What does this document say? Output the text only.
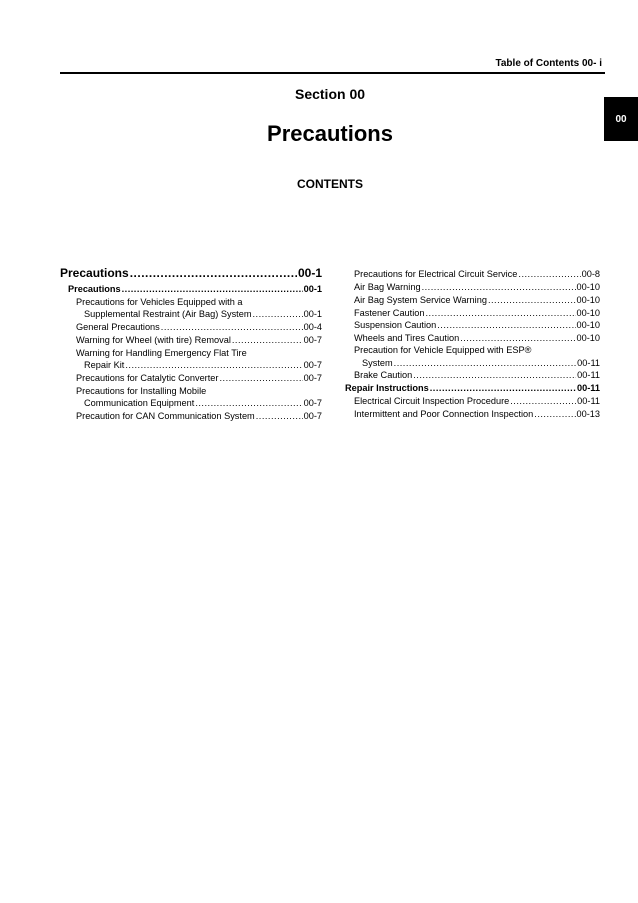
Table of Contents 00- i
00
Section 00
Precautions
CONTENTS
Precautions .....	00-1
Precautions .....	00-1
Precautions for Vehicles Equipped with a
Supplemental Restraint (Air Bag) System .....	00-1
General Precautions .....	00-4
Warning for Wheel (with tire) Removal .....	00-7
Warning for Handling Emergency Flat Tire
Repair Kit .....	00-7
Precautions for Catalytic Converter .....	00-7
Precautions for Installing Mobile
Communication Equipment .....	00-7
Precaution for CAN Communication System .....	00-7
Precautions for Electrical Circuit Service .....	00-8
Air Bag Warning .....	00-10
Air Bag System Service Warning .....	00-10
Fastener Caution .....	00-10
Suspension Caution .....	00-10
Wheels and Tires Caution .....	00-10
Precaution for Vehicle Equipped with ESP®
System .....	00-11
Brake Caution .....	00-11
Repair Instructions .....	00-11
Electrical Circuit Inspection Procedure .....	00-11
Intermittent and Poor Connection Inspection .....	00-13
